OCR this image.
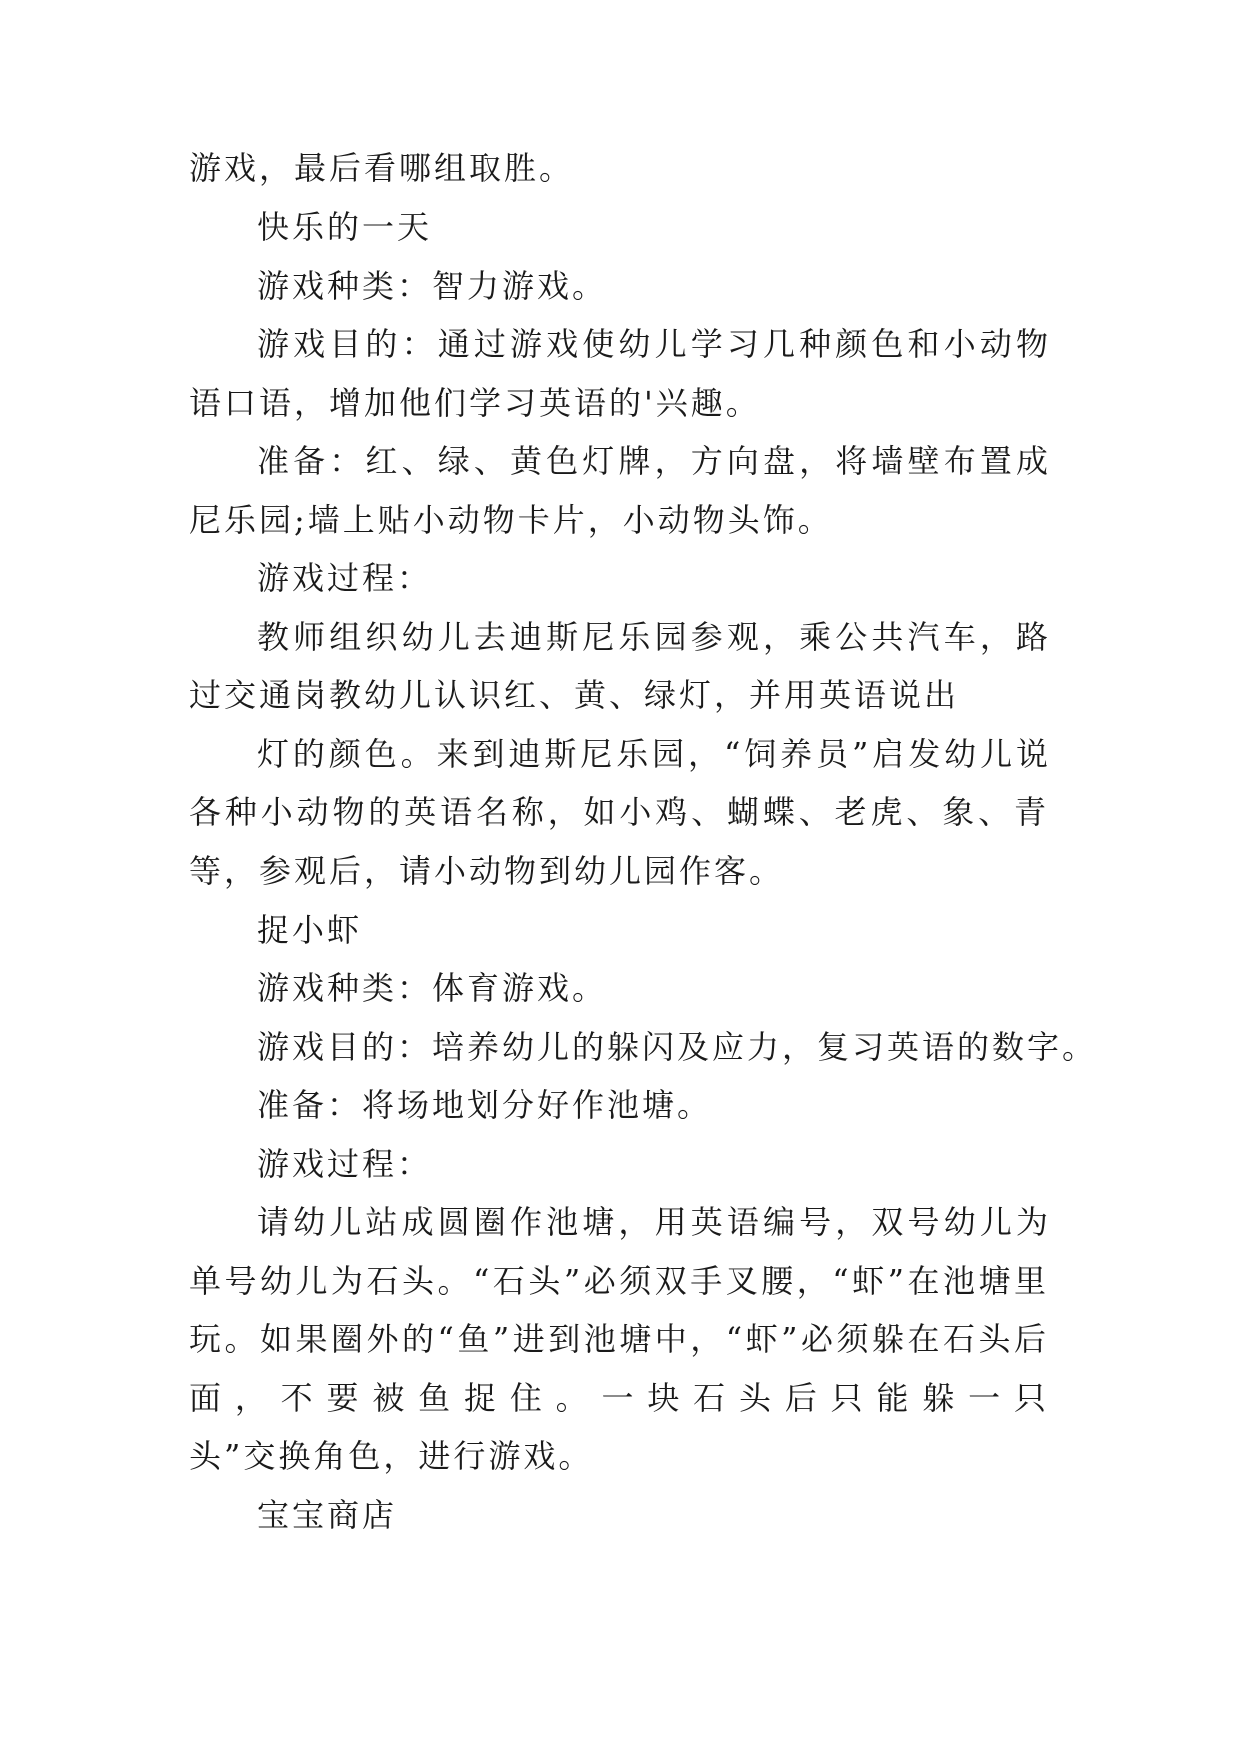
游戏，最后看哪组取胜。

快乐的一天

游戏种类：智力游戏。

游戏目的：通过游戏使幼儿学习几种颜色和小动物

语口语，增加他们学习英语的'兴趣。

准备：红、绿、黄色灯牌，方向盘，将墙壁布置成

尼乐园;墙上贴小动物卡片，小动物头饰。

游戏过程：

教师组织幼儿去迪斯尼乐园参观，乘公共汽车，路

过交通岗教幼儿认识红、黄、绿灯，并用英语说出

灯的颜色。来到迪斯尼乐园，“饲养员”启发幼儿说

各种小动物的英语名称，如小鸡、蝴蝶、老虎、象、青

等，参观后，请小动物到幼儿园作客。

捉小虾

游戏种类：体育游戏。

游戏目的：培养幼儿的躲闪及应力，复习英语的数字。

准备：将场地划分好作池塘。

游戏过程：

请幼儿站成圆圈作池塘，用英语编号，双号幼儿为

单号幼儿为石头。“石头”必须双手叉腰，“虾”在池塘里

玩。如果圈外的“鱼”进到池塘中，“虾”必须躲在石头后

面，不要被鱼捉住。一块石头后只能躲一只

头”交换角色，进行游戏。

宝宝商店
